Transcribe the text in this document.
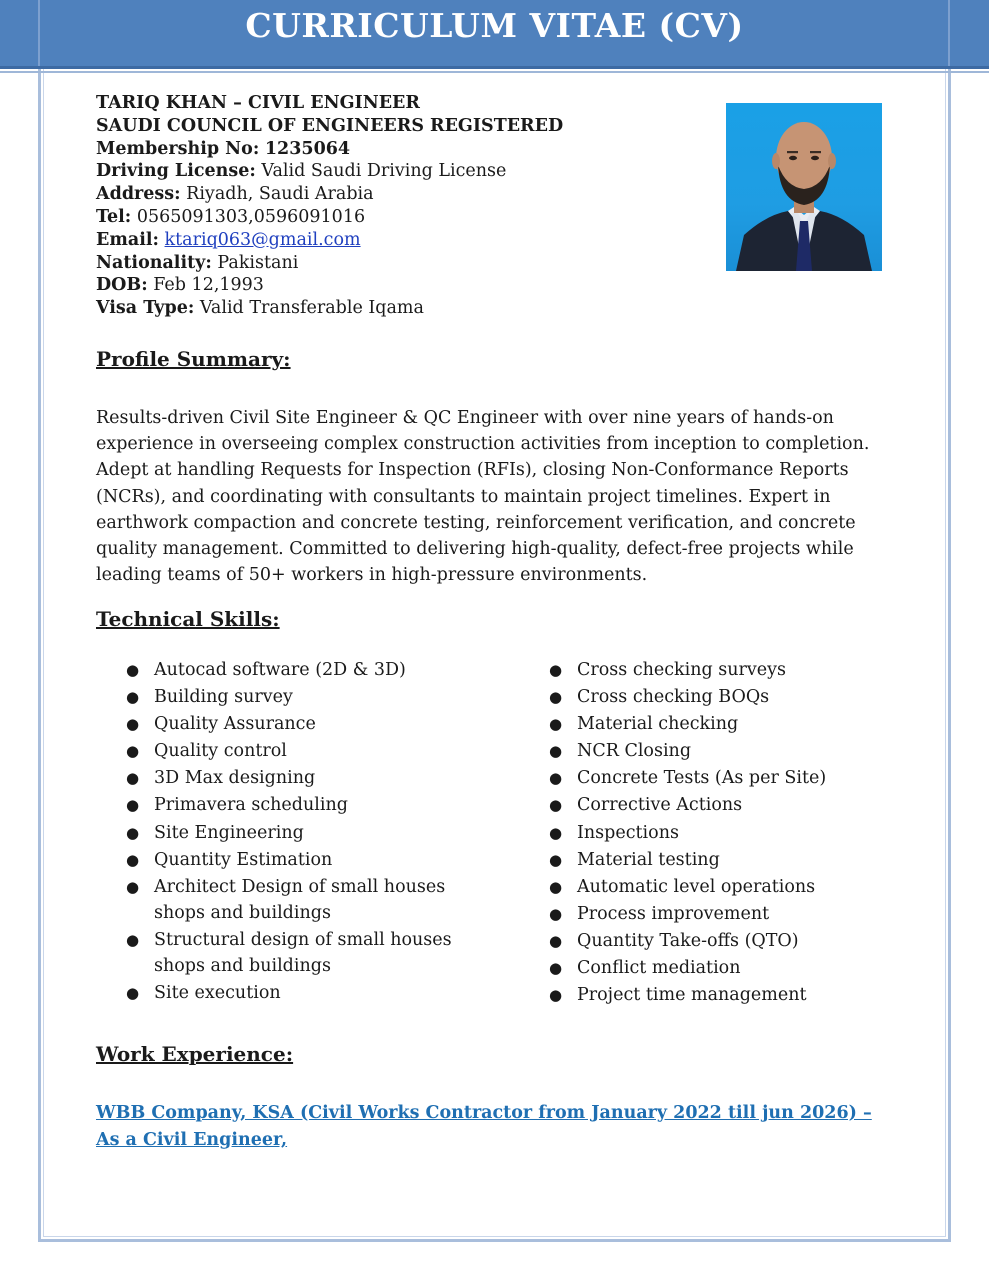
CURRICULUM VITAE (CV)
TARIQ KHAN – CIVIL ENGINEER
SAUDI COUNCIL OF ENGINEERS REGISTERED
Membership No: 1235064
Driving License: Valid Saudi Driving License
Address: Riyadh, Saudi Arabia
Tel: 0565091303,0596091016
Email: ktariq063@gmail.com
Nationality: Pakistani
DOB: Feb 12,1993
Visa Type: Valid Transferable Iqama
Profile Summary:
Results-driven Civil Site Engineer & QC Engineer with over nine years of hands-on experience in overseeing complex construction activities from inception to completion. Adept at handling Requests for Inspection (RFIs), closing Non-Conformance Reports (NCRs), and coordinating with consultants to maintain project timelines. Expert in earthwork compaction and concrete testing, reinforcement verification, and concrete quality management. Committed to delivering high-quality, defect-free projects while leading teams of 50+ workers in high-pressure environments.
Technical Skills:
● Autocad software (2D & 3D)
● Building survey
● Quality Assurance
● Quality control
● 3D Max designing
● Primavera scheduling
● Site Engineering
● Quantity Estimation
● Architect Design of small houses shops and buildings
● Structural design of small houses shops and buildings
● Site execution
● Cross checking surveys
● Cross checking BOQs
● Material checking
● NCR Closing
● Concrete Tests (As per Site)
● Corrective Actions
● Inspections
● Material testing
● Automatic level operations
● Process improvement
● Quantity Take-offs (QTO)
● Conflict mediation
● Project time management
Work Experience:
WBB Company, KSA (Civil Works Contractor from January 2022 till jun 2026) – As a Civil Engineer,
